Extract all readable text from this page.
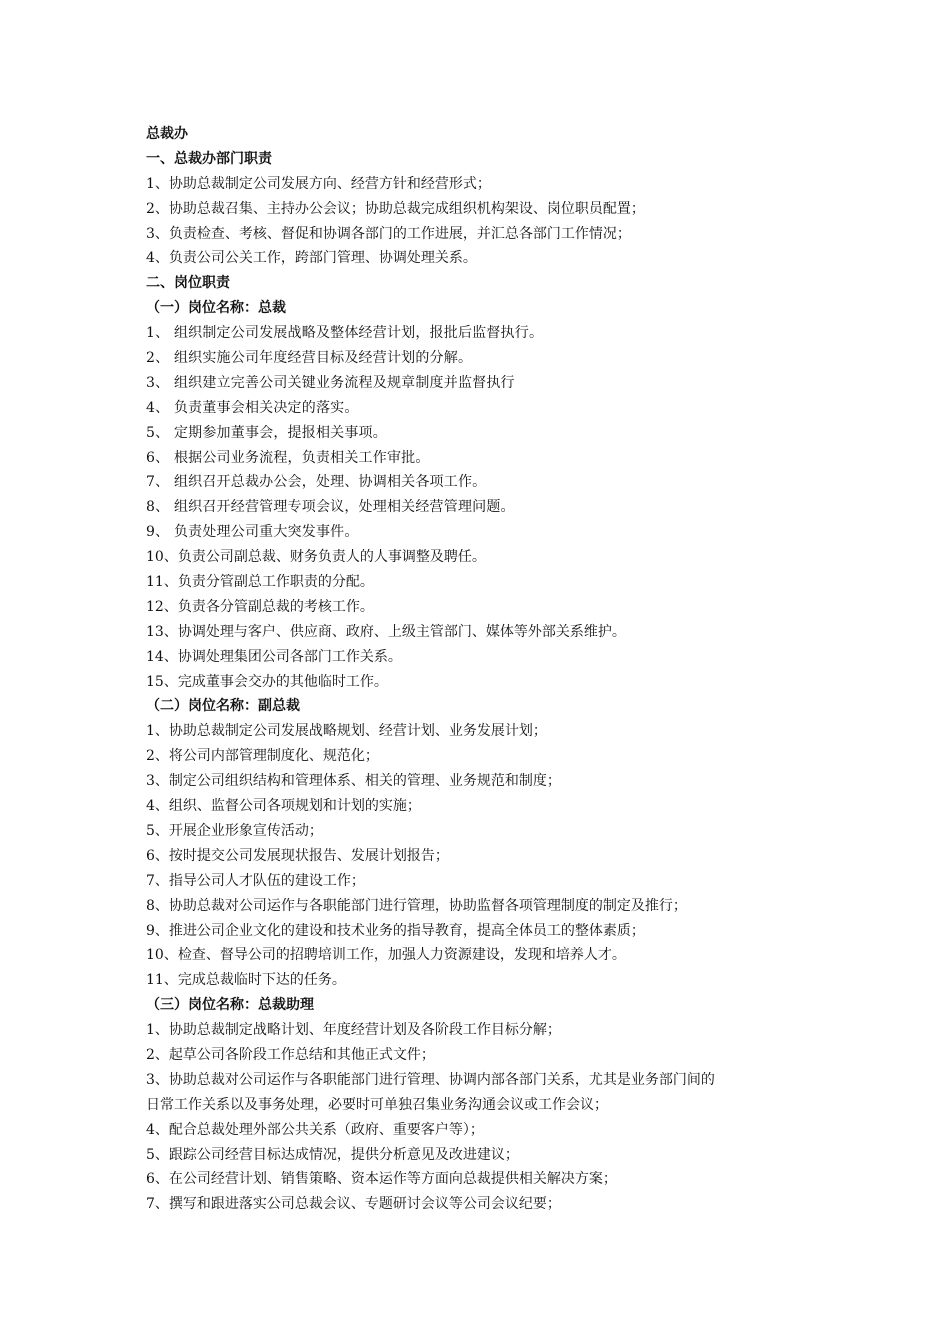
总裁办

一、总裁办部门职责

1、协助总裁制定公司发展方向、经营方针和经营形式；

2、协助总裁召集、主持办公会议；协助总裁完成组织机构架设、岗位职员配置；

3、负责检查、考核、督促和协调各部门的工作进展，并汇总各部门工作情况；

4、负责公司公关工作，跨部门管理、协调处理关系。

二、岗位职责

（一）岗位名称：总裁

1、 组织制定公司发展战略及整体经营计划，报批后监督执行。

2、 组织实施公司年度经营目标及经营计划的分解。

3、 组织建立完善公司关键业务流程及规章制度并监督执行

4、 负责董事会相关决定的落实。

5、 定期参加董事会，提报相关事项。

6、 根据公司业务流程，负责相关工作审批。

7、 组织召开总裁办公会，处理、协调相关各项工作。

8、 组织召开经营管理专项会议，处理相关经营管理问题。

9、 负责处理公司重大突发事件。

10、负责公司副总裁、财务负责人的人事调整及聘任。

11、负责分管副总工作职责的分配。

12、负责各分管副总裁的考核工作。

13、协调处理与客户、供应商、政府、上级主管部门、媒体等外部关系维护。

14、协调处理集团公司各部门工作关系。

15、完成董事会交办的其他临时工作。

（二）岗位名称：副总裁

1、协助总裁制定公司发展战略规划、经营计划、业务发展计划；

2、将公司内部管理制度化、规范化；

3、制定公司组织结构和管理体系、相关的管理、业务规范和制度；

4、组织、监督公司各项规划和计划的实施；

5、开展企业形象宣传活动；

6、按时提交公司发展现状报告、发展计划报告；

7、指导公司人才队伍的建设工作；

8、协助总裁对公司运作与各职能部门进行管理，协助监督各项管理制度的制定及推行；

9、推进公司企业文化的建设和技术业务的指导教育，提高全体员工的整体素质；

10、检查、督导公司的招聘培训工作，加强人力资源建设，发现和培养人才。

11、完成总裁临时下达的任务。

（三）岗位名称：总裁助理

1、协助总裁制定战略计划、年度经营计划及各阶段工作目标分解；

2、起草公司各阶段工作总结和其他正式文件；

3、协助总裁对公司运作与各职能部门进行管理、协调内部各部门关系，尤其是业务部门间的

日常工作关系以及事务处理，必要时可单独召集业务沟通会议或工作会议；

4、配合总裁处理外部公共关系（政府、重要客户等）；

5、跟踪公司经营目标达成情况，提供分析意见及改进建议；

6、在公司经营计划、销售策略、资本运作等方面向总裁提供相关解决方案；

7、撰写和跟进落实公司总裁会议、专题研讨会议等公司会议纪要；
